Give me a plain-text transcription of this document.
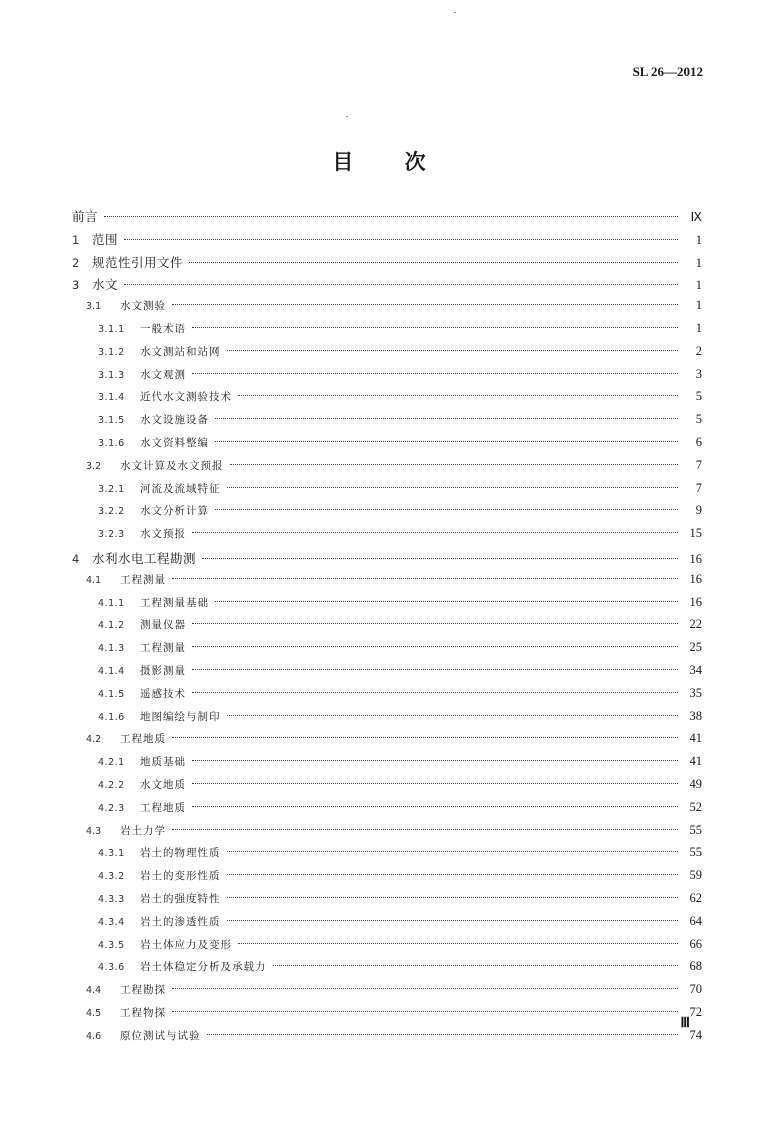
SL 26—2012
目 次
前言	Ⅸ
1	范围	1
2	规范性引用文件	1
3	水文	1
3.1	水文测验	1
3.1.1	一般术语	1
3.1.2	水文测站和站网	2
3.1.3	水文观测	3
3.1.4	近代水文测验技术	5
3.1.5	水文设施设备	5
3.1.6	水文资料整编	6
3.2	水文计算及水文预报	7
3.2.1	河流及流域特征	7
3.2.2	水文分析计算	9
3.2.3	水文预报	15
4	水利水电工程勘测	16
4.1	工程测量	16
4.1.1	工程测量基础	16
4.1.2	测量仪器	22
4.1.3	工程测量	25
4.1.4	摄影测量	34
4.1.5	遥感技术	35
4.1.6	地图编绘与制印	38
4.2	工程地质	41
4.2.1	地质基础	41
4.2.2	水文地质	49
4.2.3	工程地质	52
4.3	岩土力学	55
4.3.1	岩土的物理性质	55
4.3.2	岩土的变形性质	59
4.3.3	岩土的强度特性	62
4.3.4	岩土的渗透性质	64
4.3.5	岩土体应力及变形	66
4.3.6	岩土体稳定分析及承载力	68
4.4	工程勘探	70
4.5	工程物探	72
4.6	原位测试与试验	74
Ⅲ
